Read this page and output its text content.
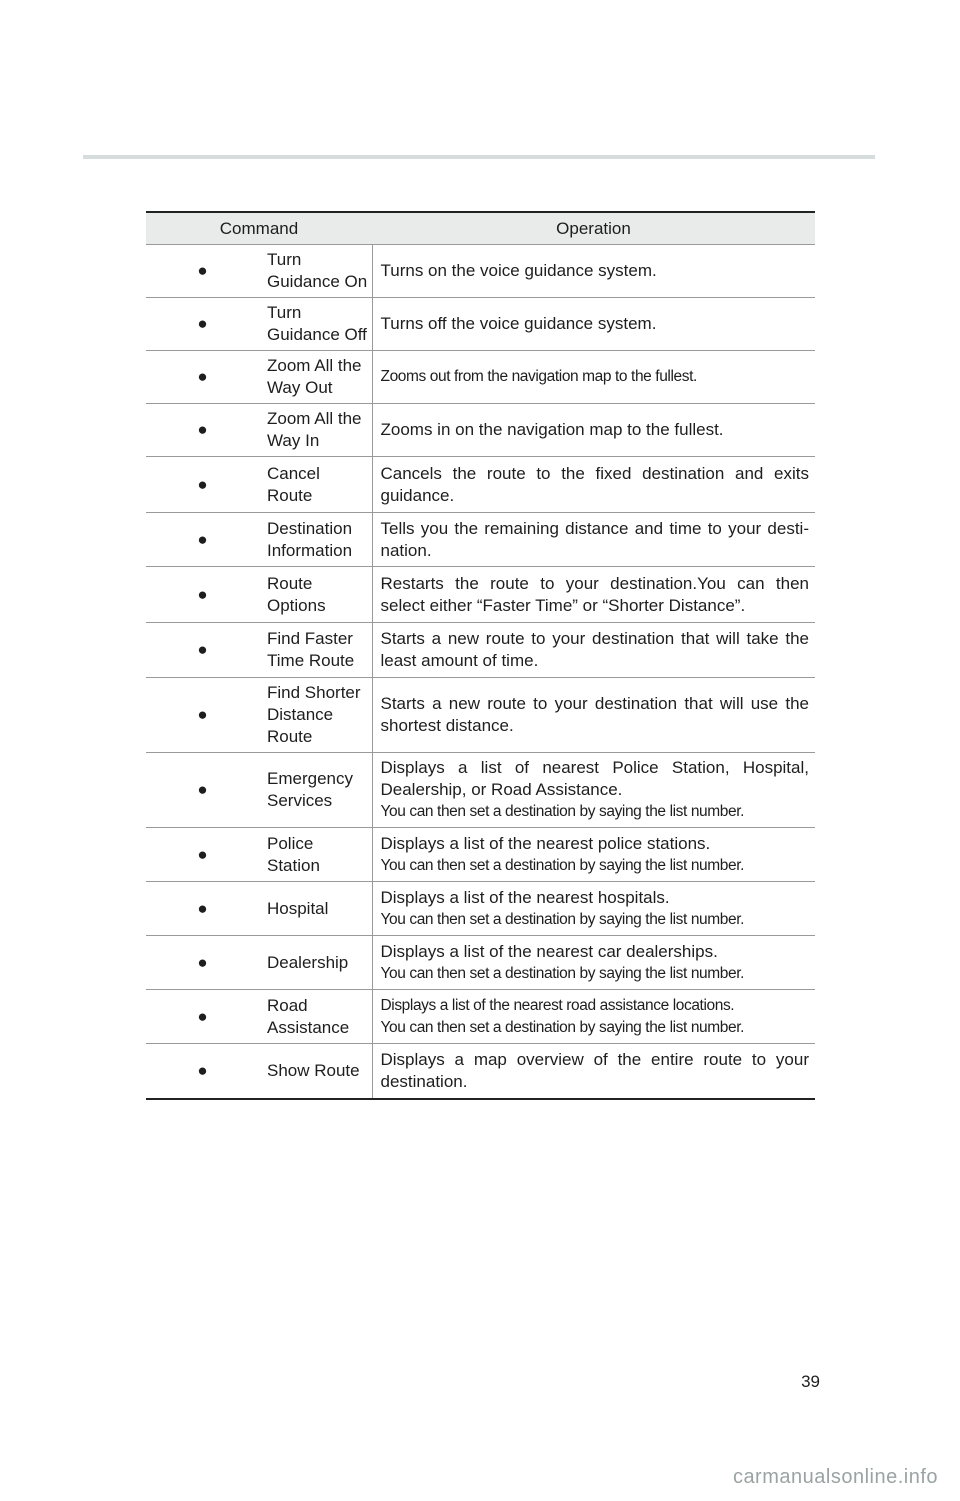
Command		Operation
●	Turn Guidance On	Turns on the voice guidance system.

●	Turn Guidance Off	Turns off the voice guidance system.

●	Zoom All the Way Out	Zooms out from the navigation map to the fullest.

●	Zoom All the Way In	Zooms in on the navigation map to the fullest.

●	Cancel Route	Cancels the route to the fixed destination and exits guidance.

●	Destination Information	Tells you the remaining distance and time to your desti-nation.

●	Route Options	Restarts the route to your destination.You can then select either “Faster Time” or “Shorter Distance”.

●	Find Faster Time Route	Starts a new route to your destination that will take the least amount of time.

●	Find Shorter Distance Route	Starts a new route to your destination that will use the shortest distance.

●	Emergency Services	Displays a list of nearest Police Station, Hospital, Dealership, or Road Assistance.
You can then set a destination by saying the list number.

●	Police Station	Displays a list of the nearest police stations.
You can then set a destination by saying the list number.

●	Hospital	Displays a list of the nearest hospitals.
You can then set a destination by saying the list number.

●	Dealership	Displays a list of the nearest car dealerships.
You can then set a destination by saying the list number.

●	Road Assistance	Displays a list of the nearest road assistance locations.
You can then set a destination by saying the list number.

●	Show Route	Displays a map overview of the entire route to your destination.
39
carmanualsonline.info
